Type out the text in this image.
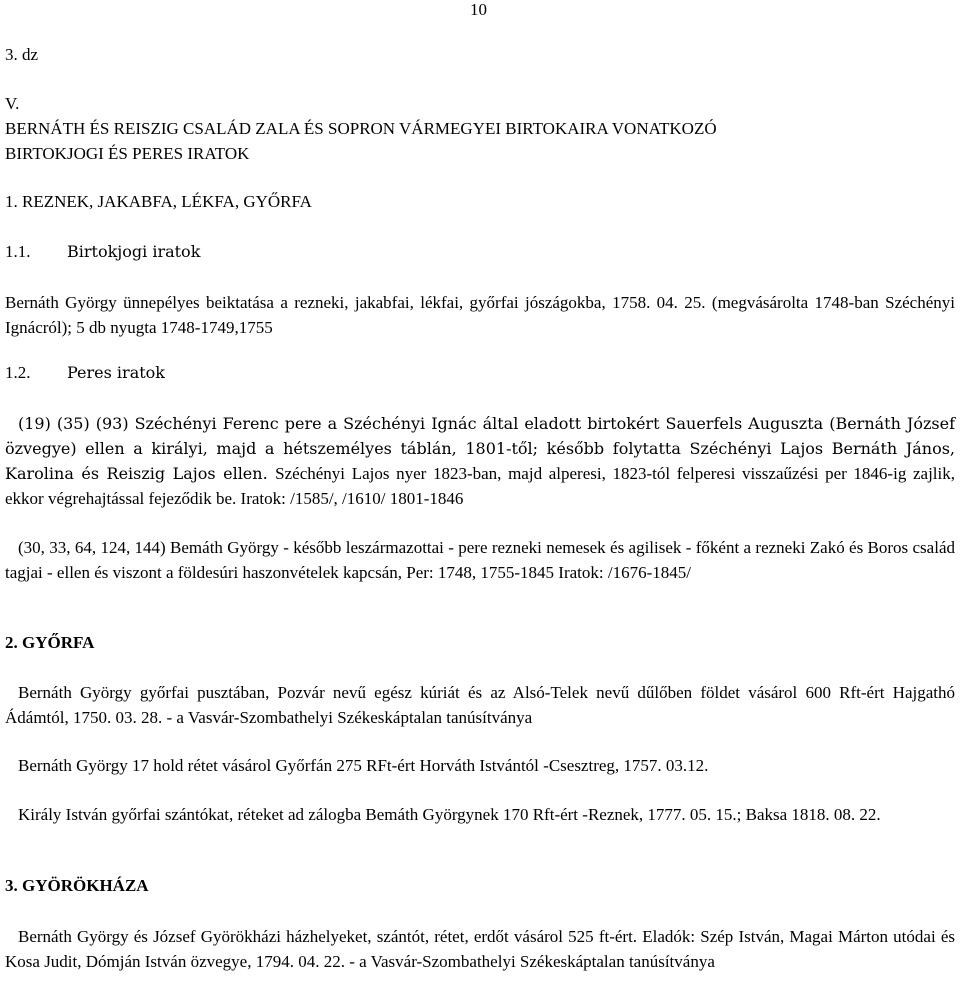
10
3. dz
V.
BERNÁTH ÉS REISZIG CSALÁD ZALA ÉS SOPRON VÁRMEGYEI BIRTOKAIRA VONATKOZÓ
BIRTOKJOGI ÉS PERES IRATOK
1. REZNEK, JAKABFA, LÉKFA, GYŐRFA
1.1. Birtokjogi iratok
Bernáth György ünnepélyes beiktatása a rezneki, jakabfai, lékfai, győrfai jószágokba, 1758. 04. 25. (megvásárolta 1748-ban Széchényi Ignácról); 5 db nyugta 1748-1749,1755
1.2. Peres iratok
(19) (35) (93) Széchényi Ferenc pere a Széchényi Ignác által eladott birtokért Sauerfels Auguszta (Bernáth József özvegye) ellen a királyi, majd a hétszemélyes táblán, 1801-től; később folytatta Széchényi Lajos Bernáth János, Karolina és Reiszig Lajos ellen. Széchényi Lajos nyer 1823-ban, majd alperesi, 1823-tól felperesi visszaűzési per 1846-ig zajlik, ekkor végrehajtással fejeződik be. Iratok: /1585/, /1610/ 1801-1846
(30, 33, 64, 124, 144) Bemáth György - később leszármazottai - pere rezneki nemesek és agilisek - főként a rezneki Zakó és Boros család tagjai - ellen és viszont a földesúri haszonvételek kapcsán, Per: 1748, 1755-1845 Iratok: /1676-1845/
2. GYŐRFA
Bernáth György győrfai pusztában, Pozvár nevű egész kúriát és az Alsó-Telek nevű dűlőben földet vásárol 600 Rft-ért Hajgathó Ádámtól, 1750. 03. 28. - a Vasvár-Szombathelyi Székeskáptalan tanúsítványa
Bernáth György 17 hold rétet vásárol Győrfán 275 RFt-ért Horváth Istvántól -Csesztreg, 1757. 03.12.
Király István győrfai szántókat, réteket ad zálogba Bemáth Györgynek 170 Rft-ért -Reznek, 1777. 05. 15.; Baksa 1818. 08. 22.
3. GYÖRÖKHÁZA
Bernáth György és József Györökházi házhelyeket, szántót, rétet, erdőt vásárol 525 ft-ért. Eladók: Szép István, Magai Márton utódai és Kosa Judit, Dómján István özvegye, 1794. 04. 22. - a Vasvár-Szombathelyi Székeskáptalan tanúsítványa
